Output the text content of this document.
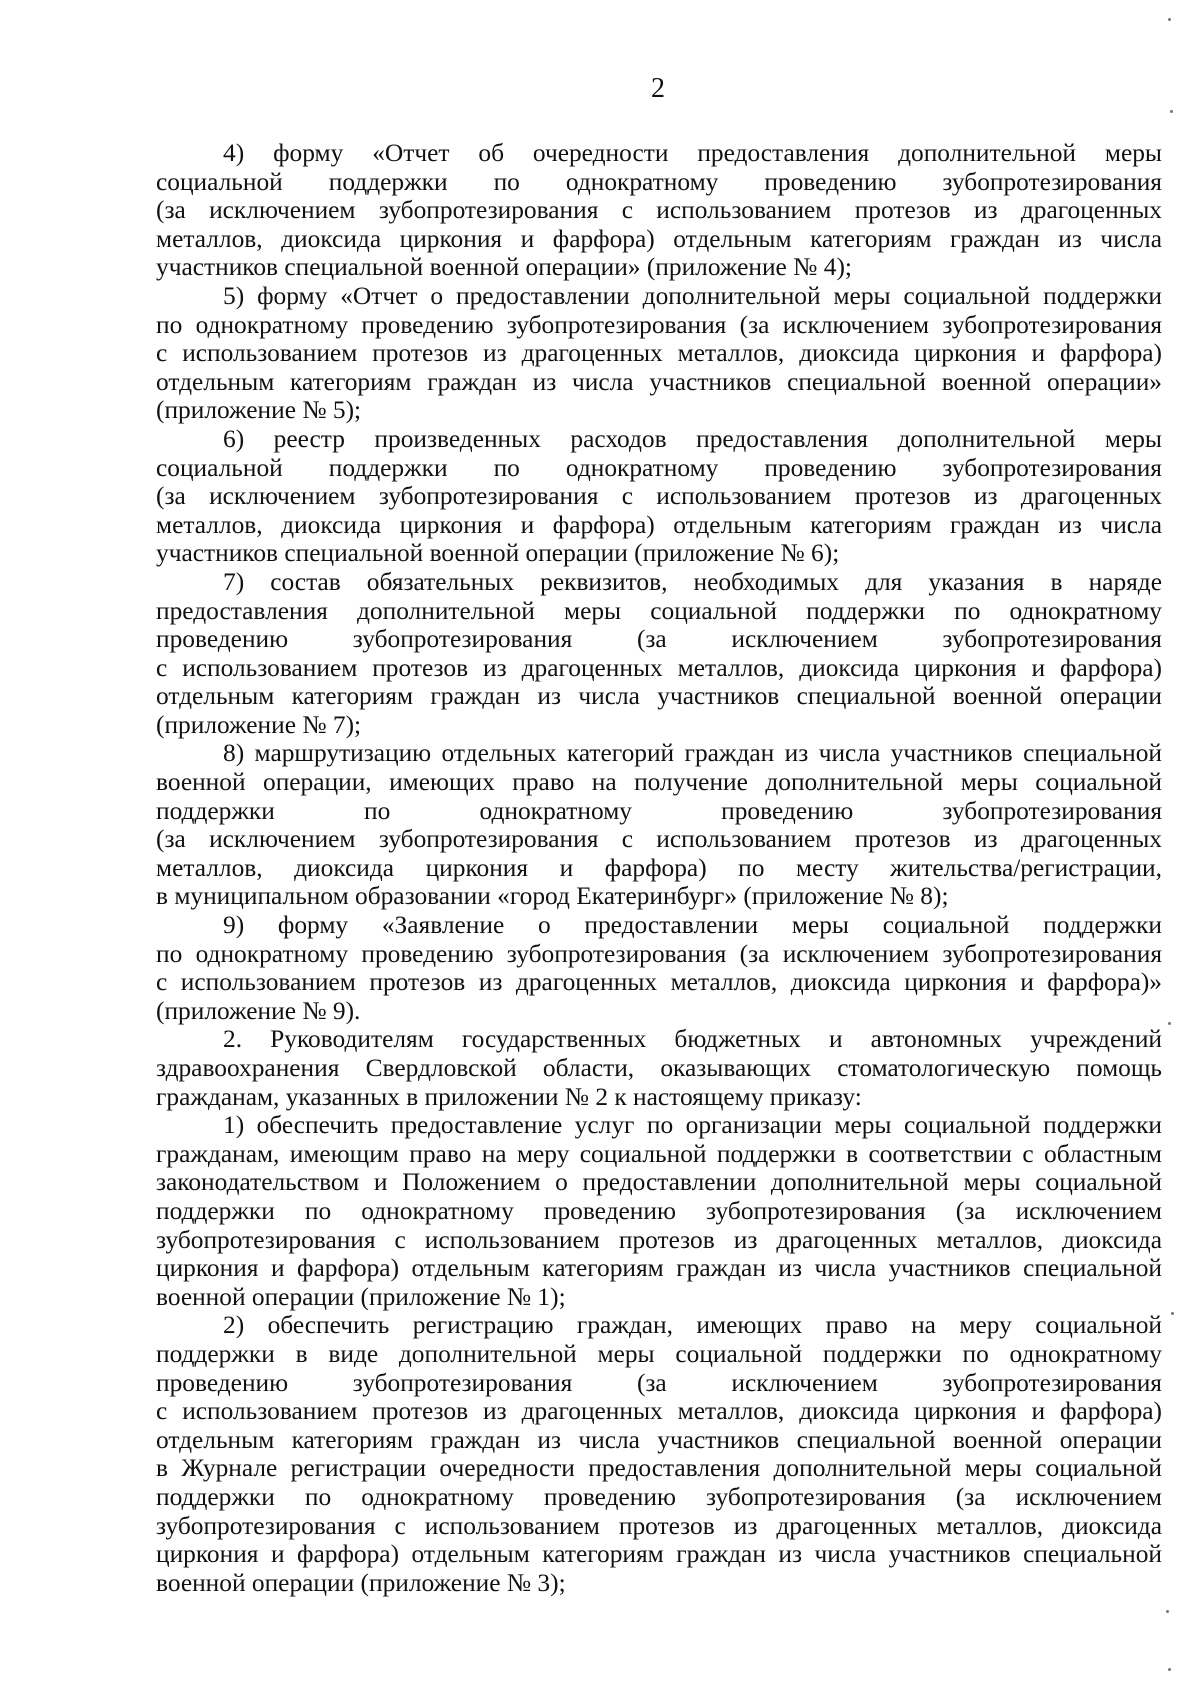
2
4) форму «Отчет об очередности предоставления дополнительной меры
социальной поддержки по однократному проведению зубопротезирования
(за исключением зубопротезирования с использованием протезов из драгоценных
металлов, диоксида циркония и фарфора) отдельным категориям граждан из числа
участников специальной военной операции» (приложение № 4);
5) форму «Отчет о предоставлении дополнительной меры социальной поддержки
по однократному проведению зубопротезирования (за исключением зубопротезирования
с использованием протезов из драгоценных металлов, диоксида циркония и фарфора)
отдельным категориям граждан из числа участников специальной военной операции»
(приложение № 5);
6) реестр произведенных расходов предоставления дополнительной меры
социальной поддержки по однократному проведению зубопротезирования
(за исключением зубопротезирования с использованием протезов из драгоценных
металлов, диоксида циркония и фарфора) отдельным категориям граждан из числа
участников специальной военной операции (приложение № 6);
7) состав обязательных реквизитов, необходимых для указания в наряде
предоставления дополнительной меры социальной поддержки по однократному
проведению зубопротезирования (за исключением зубопротезирования
с использованием протезов из драгоценных металлов, диоксида циркония и фарфора)
отдельным категориям граждан из числа участников специальной военной операции
(приложение № 7);
8) маршрутизацию отдельных категорий граждан из числа участников специальной
военной операции, имеющих право на получение дополнительной меры социальной
поддержки по однократному проведению зубопротезирования
(за исключением зубопротезирования с использованием протезов из драгоценных
металлов, диоксида циркония и фарфора) по месту жительства/регистрации,
в муниципальном образовании «город Екатеринбург» (приложение № 8);
9) форму «Заявление о предоставлении меры социальной поддержки
по однократному проведению зубопротезирования (за исключением зубопротезирования
с использованием протезов из драгоценных металлов, диоксида циркония и фарфора)»
(приложение № 9).
2. Руководителям государственных бюджетных и автономных учреждений
здравоохранения Свердловской области, оказывающих стоматологическую помощь
гражданам, указанных в приложении № 2 к настоящему приказу:
1) обеспечить предоставление услуг по организации меры социальной поддержки
гражданам, имеющим право на меру социальной поддержки в соответствии с областным
законодательством и Положением о предоставлении дополнительной меры социальной
поддержки по однократному проведению зубопротезирования (за исключением
зубопротезирования с использованием протезов из драгоценных металлов, диоксида
циркония и фарфора) отдельным категориям граждан из числа участников специальной
военной операции (приложение № 1);
2) обеспечить регистрацию граждан, имеющих право на меру социальной
поддержки в виде дополнительной меры социальной поддержки по однократному
проведению зубопротезирования (за исключением зубопротезирования
с использованием протезов из драгоценных металлов, диоксида циркония и фарфора)
отдельным категориям граждан из числа участников специальной военной операции
в Журнале регистрации очередности предоставления дополнительной меры социальной
поддержки по однократному проведению зубопротезирования (за исключением
зубопротезирования с использованием протезов из драгоценных металлов, диоксида
циркония и фарфора) отдельным категориям граждан из числа участников специальной
военной операции (приложение № 3);
